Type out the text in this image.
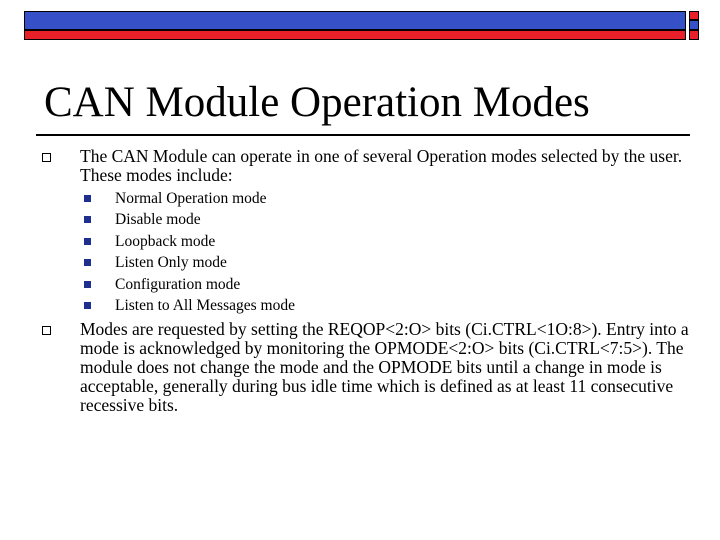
CAN Module Operation Modes
The CAN Module can operate in one of several Operation modes selected by the user. These modes include:
Normal Operation mode
Disable mode
Loopback mode
Listen Only mode
Configuration mode
Listen to All Messages mode
Modes are requested by setting the REQOP<2:O> bits (Ci.CTRL<1O:8>). Entry into a mode is acknowledged by monitoring the OPMODE<2:O> bits (Ci.CTRL<7:5>). The module does not change the mode and the OPMODE bits until a change in mode is acceptable, generally during bus idle time which is defined as at least 11 consecutive recessive bits.
